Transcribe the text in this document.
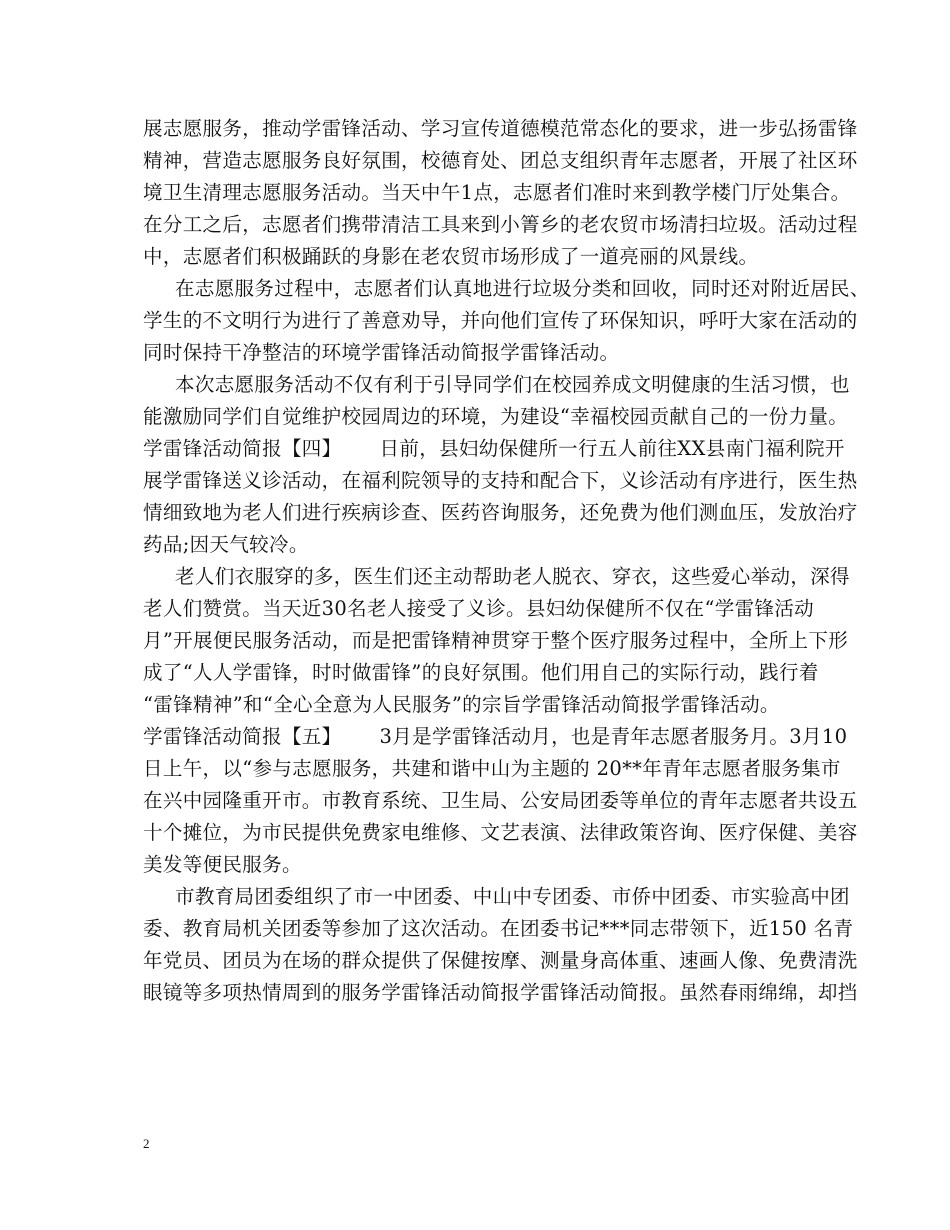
展志愿服务，推动学雷锋活动、学习宣传道德模范常态化的要求，进一步弘扬雷锋
精神，营造志愿服务良好氛围，校德育处、团总支组织青年志愿者，开展了社区环
境卫生清理志愿服务活动。当天中午1点，志愿者们准时来到教学楼门厅处集合。
在分工之后，志愿者们携带清洁工具来到小箐乡的老农贸市场清扫垃圾。活动过程
中，志愿者们积极踊跃的身影在老农贸市场形成了一道亮丽的风景线。
在志愿服务过程中，志愿者们认真地进行垃圾分类和回收，同时还对附近居民、
学生的不文明行为进行了善意劝导，并向他们宣传了环保知识，呼吁大家在活动的
同时保持干净整洁的环境学雷锋活动简报学雷锋活动。
本次志愿服务活动不仅有利于引导同学们在校园养成文明健康的生活习惯，也
能激励同学们自觉维护校园周边的环境，为建设“幸福校园贡献自己的一份力量。
学雷锋活动简报【四】 日前，县妇幼保健所一行五人前往XX县南门福利院开
展学雷锋送义诊活动，在福利院领导的支持和配合下，义诊活动有序进行，医生热
情细致地为老人们进行疾病诊查、医药咨询服务，还免费为他们测血压，发放治疗
药品;因天气较冷。
老人们衣服穿的多，医生们还主动帮助老人脱衣、穿衣，这些爱心举动，深得
老人们赞赏。当天近30名老人接受了义诊。县妇幼保健所不仅在“学雷锋活动
月”开展便民服务活动，而是把雷锋精神贯穿于整个医疗服务过程中，全所上下形
成了“人人学雷锋，时时做雷锋”的良好氛围。他们用自己的实际行动，践行着
“雷锋精神”和“全心全意为人民服务”的宗旨学雷锋活动简报学雷锋活动。
学雷锋活动简报【五】 3月是学雷锋活动月，也是青年志愿者服务月。3月10
日上午，以“参与志愿服务，共建和谐中山为主题的 20**年青年志愿者服务集市
在兴中园隆重开市。市教育系统、卫生局、公安局团委等单位的青年志愿者共设五
十个摊位，为市民提供免费家电维修、文艺表演、法律政策咨询、医疗保健、美容
美发等便民服务。
市教育局团委组织了市一中团委、中山中专团委、市侨中团委、市实验高中团
委、教育局机关团委等参加了这次活动。在团委书记***同志带领下，近150 名青
年党员、团员为在场的群众提供了保健按摩、测量身高体重、速画人像、免费清洗
眼镜等多项热情周到的服务学雷锋活动简报学雷锋活动简报。虽然春雨绵绵，却挡
2
